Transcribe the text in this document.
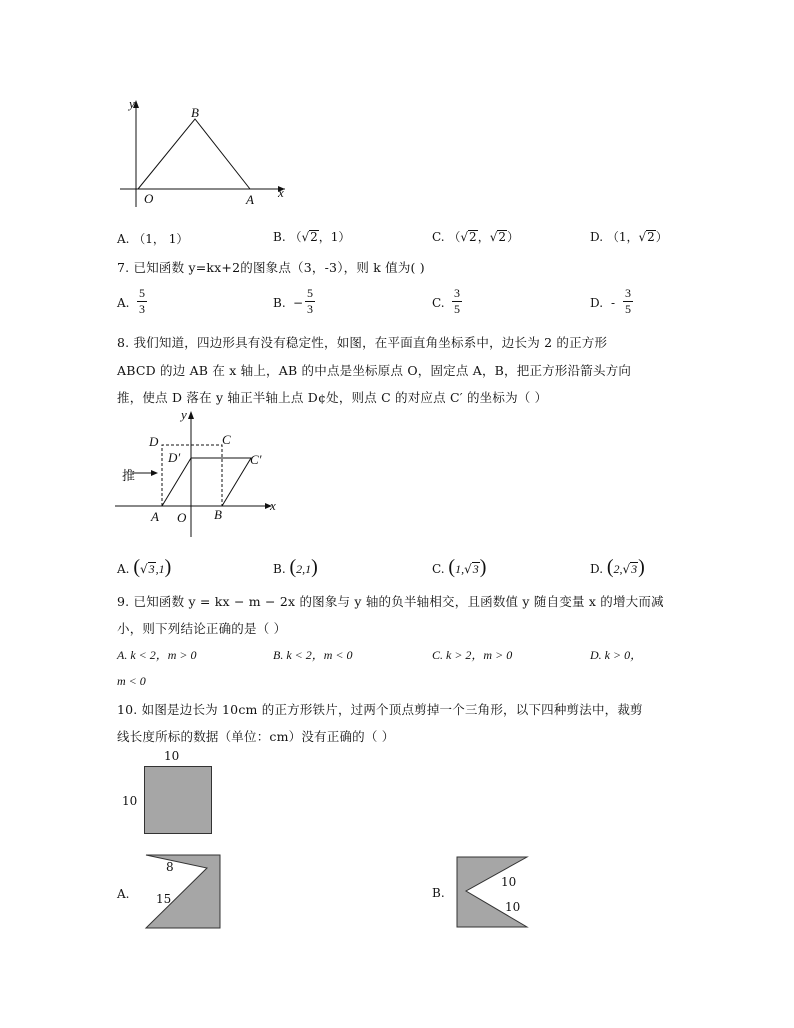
y
B
O	A x
A. （1， 1）	B. （√2，1）	C. （√2，√2）	D. （1，√2）
7. 已知函数 y=kx+2的图象点（3，-3），则 k 值为( )
A.
5
3	B. −
5
3	C.
3
5	D. -
3
5
8. 我们知道，四边形具有没有稳定性，如图，在平面直角坐标系中，边长为 2 的正方形
ABCD 的边 AB 在 x 轴上，AB 的中点是坐标原点 O，固定点 A，B，把正方形沿箭头方向
推，使点 D 落在 y 轴正半轴上点 D¢处，则点 C 的对应点 C′ 的坐标为（ ）
y
D	C
D′	C′
推
A O B
x
A. (√3,1)	B. (2,1)	C. (1,√3)	D. (2,√3)
9. 已知函数 y = kx − m − 2x 的图象与 y 轴的负半轴相交，且函数值 y 随自变量 x 的增大而减
小，则下列结论正确的是（ ）
A. k < 2，m > 0	B. k < 2，m < 0	C. k > 2，m > 0	D. k > 0，
m < 0
10. 如图是边长为 10cm 的正方形铁片，过两个顶点剪掉一个三角形，以下四种剪法中，裁剪
线长度所标的数据（单位：cm）没有正确的（ ）
10
10
A.
8
15	B.
10
10
